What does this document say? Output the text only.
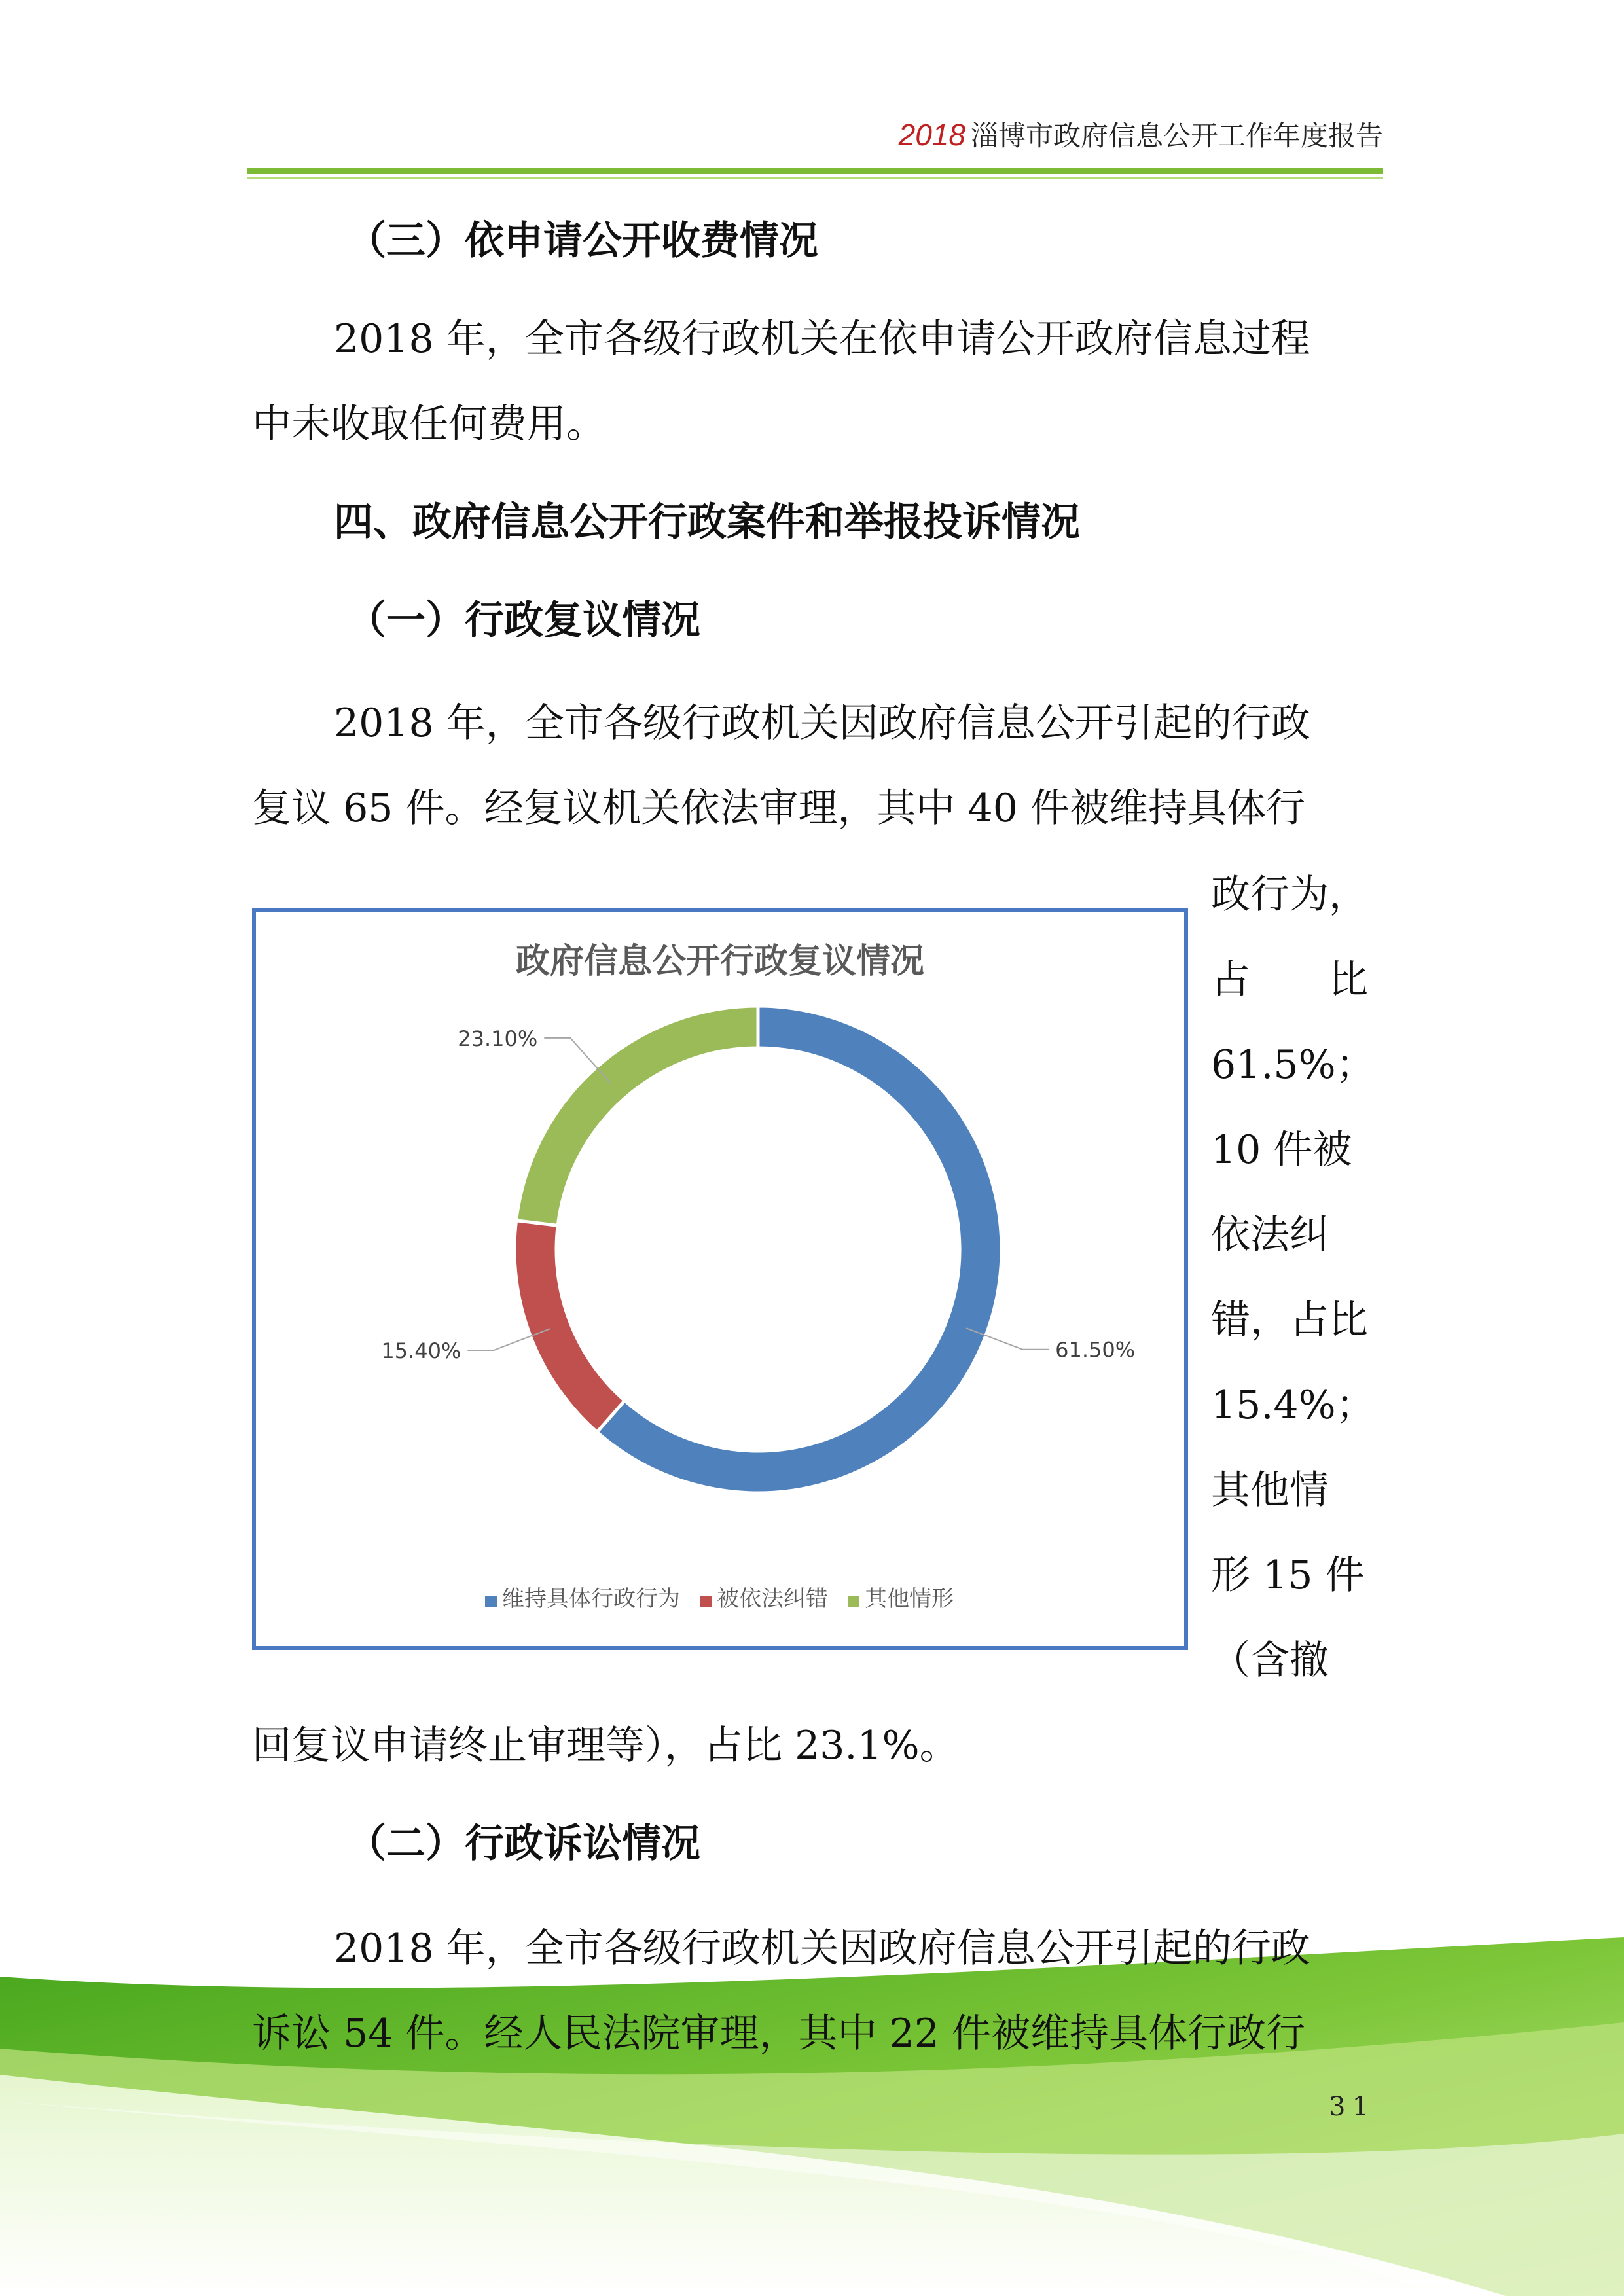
2018 淄博市政府信息公开工作年度报告
（三）依申请公开收费情况
2018 年，全市各级行政机关在依申请公开政府信息过程
中未收取任何费用。
四、政府信息公开行政案件和举报投诉情况
（一）行政复议情况
2018 年，全市各级行政机关因政府信息公开引起的行政
复议 65 件。经复议机关依法审理，其中 40 件被维持具体行
政行为，
占　　比
61.5%；
10 件被
依法纠
错，占比
15.4%；
其他情
形 15 件
（含撤
政府信息公开行政复议情况
61.50%
15.40%
23.10%
维持具体行政行为 被依法纠错 其他情形
回复议申请终止审理等），占比 23.1%。
（二）行政诉讼情况
2018 年，全市各级行政机关因政府信息公开引起的行政
诉讼 54 件。经人民法院审理，其中 22 件被维持具体行政行
31
